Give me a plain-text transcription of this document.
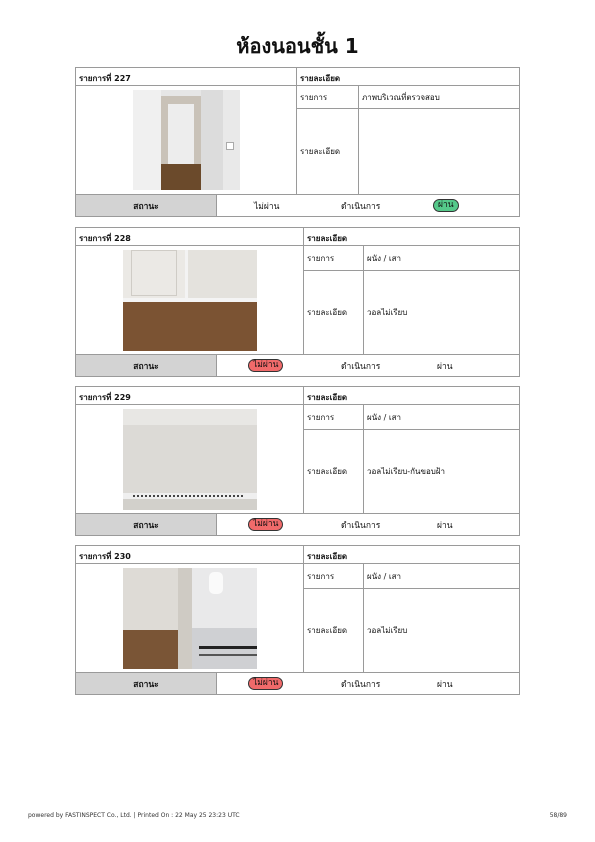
ห้องนอนชั้น 1
รายการที่ 227	รายละเอียด
รายการ	ภาพบริเวณที่ตรวจสอบ
รายละเอียด
สถานะ	ไม่ผ่าน	ดำเนินการ	ผ่าน
รายการที่ 228	รายละเอียด
รายการ	ผนัง / เสา
รายละเอียด	วอลไม่เรียบ
สถานะ	ไม่ผ่าน	ดำเนินการ	ผ่าน
รายการที่ 229	รายละเอียด
รายการ	ผนัง / เสา
รายละเอียด	วอลไม่เรียบ-กันขอบฝ้า
สถานะ	ไม่ผ่าน	ดำเนินการ	ผ่าน
รายการที่ 230	รายละเอียด
รายการ	ผนัง / เสา
รายละเอียด	วอลไม่เรียบ
สถานะ	ไม่ผ่าน	ดำเนินการ	ผ่าน
powered by FASTINSPECT Co., Ltd. | Printed On : 22 May 25 23:23 UTC	58/89
